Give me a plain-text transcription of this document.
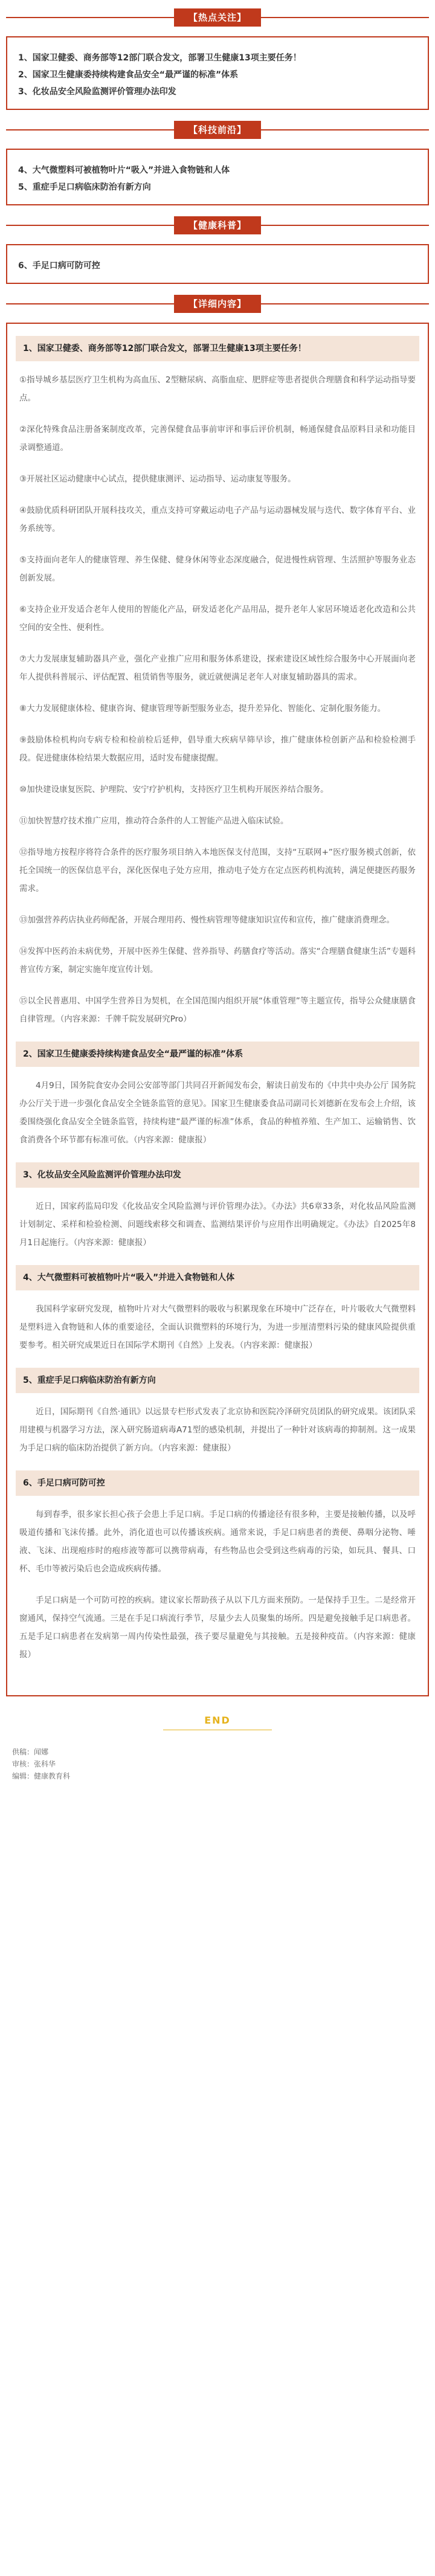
【热点关注】
1、国家卫健委、商务部等12部门联合发文，部署卫生健康13项主要任务！
2、国家卫生健康委持续构建食品安全“最严谨的标准”体系
3、化妆品安全风险监测评价管理办法印发
【科技前沿】
4、大气微塑料可被植物叶片“吸入”并进入食物链和人体
5、重症手足口病临床防治有新方向
【健康科普】
6、手足口病可防可控
【详细内容】
1、国家卫健委、商务部等12部门联合发文，部署卫生健康13项主要任务！

①指导城乡基层医疗卫生机构为高血压、2型糖尿病、高脂血症、肥胖症等患者提供合理膳食和科学运动指导要点。

②深化特殊食品注册备案制度改革，完善保健食品事前审评和事后评价机制，畅通保健食品原料目录和功能目录调整通道。

③开展社区运动健康中心试点，提供健康测评、运动指导、运动康复等服务。

④鼓励优质科研团队开展科技攻关，重点支持可穿戴运动电子产品与运动器械发展与迭代、数字体育平台、业务系统等。

⑤支持面向老年人的健康管理、养生保健、健身休闲等业态深度融合，促进慢性病管理、生活照护等服务业态创新发展。

⑥支持企业开发适合老年人使用的智能化产品，研发适老化产品用品，提升老年人家居环境适老化改造和公共空间的安全性、便利性。

⑦大力发展康复辅助器具产业，强化产业推广应用和服务体系建设，探索建设区域性综合服务中心开展面向老年人提供科普展示、评估配置、租赁销售等服务，就近就便满足老年人对康复辅助器具的需求。

⑧大力发展健康体检、健康咨询、健康管理等新型服务业态，提升差异化、智能化、定制化服务能力。

⑨鼓励体检机构向专病专检和检前检后延伸，倡导重大疾病早筛早诊，推广健康体检创新产品和检验检测手段。促进健康体检结果大数据应用，适时发布健康提醒。

⑩加快建设康复医院、护理院、安宁疗护机构，支持医疗卫生机构开展医养结合服务。

⑪加快智慧疗技术推广应用，推动符合条件的人工智能产品进入临床试验。

⑫指导地方按程序将符合条件的医疗服务项目纳入本地医保支付范围，支持“互联网+”医疗服务模式创新，依托全国统一的医保信息平台，深化医保电子处方应用，推动电子处方在定点医药机构流转，满足便捷医药服务需求。

⑬加强营养药店执业药师配备，开展合理用药、慢性病管理等健康知识宣传和宣传，推广健康消费理念。

⑭发挥中医药治未病优势，开展中医养生保健、营养指导、药膳食疗等活动。落实“合理膳食健康生活”专题科普宣传方案，制定实施年度宣传计划。

⑮以全民普惠用、中国学生营养日为契机，在全国范围内组织开展“体重管理”等主题宣传，指导公众健康膳食自律管理。（内容来源：千牌千院发展研究Pro）

2、国家卫生健康委持续构建食品安全“最严谨的标准”体系

4月9日，国务院食安办会同公安部等部门共同召开新闻发布会，解读日前发布的《中共中央办公厅 国务院办公厅关于进一步强化食品安全全链条监管的意见》。国家卫生健康委食品司副司长刘德新在发布会上介绍，该委围绕强化食品安全全链条监管，持续构建“最严谨的标准”体系，食品的种植养殖、生产加工、运输销售、饮食消费各个环节都有标准可依。（内容来源：健康报）

3、化妆品安全风险监测评价管理办法印发

近日，国家药监局印发《化妆品安全风险监测与评价管理办法》。《办法》共6章33条，对化妆品风险监测计划制定、采样和检验检测、问题线索移交和调查、监测结果评价与应用作出明确规定。《办法》自2025年8月1日起施行。（内容来源：健康报）

4、大气微塑料可被植物叶片“吸入”并进入食物链和人体

我国科学家研究发现，植物叶片对大气微塑料的吸收与积累现象在环境中广泛存在，叶片吸收大气微塑料是塑料进入食物链和人体的重要途径，全面认识微塑料的环境行为，为进一步厘清塑料污染的健康风险提供重要参考。相关研究成果近日在国际学术期刊《自然》上发表。（内容来源：健康报）

5、重症手足口病临床防治有新方向

近日，国际期刊《自然·通讯》以远景专栏形式发表了北京协和医院冷泽研究员团队的研究成果。该团队采用建模与机器学习方法，深入研究肠道病毒A71型的感染机制，并提出了一种针对该病毒的抑制剂。这一成果为手足口病的临床防治提供了新方向。（内容来源：健康报）

6、手足口病可防可控

每到春季，很多家长担心孩子会患上手足口病。手足口病的传播途径有很多种，主要是接触传播，以及呼吸道传播和飞沫传播。此外，消化道也可以传播该疾病。通常来说，手足口病患者的粪便、鼻咽分泌物、唾液、飞沫、出现疱疹时的疱疹液等都可以携带病毒，有些物品也会受到这些病毒的污染，如玩具、餐具、口杯、毛巾等被污染后也会造成疾病传播。

手足口病是一个可防可控的疾病。建议家长帮助孩子从以下几方面来预防。一是保持手卫生。二是经常开窗通风，保持空气流通。三是在手足口病流行季节，尽量少去人员聚集的场所。四是避免接触手足口病患者。五是手足口病患者在发病第一周内传染性最强，孩子要尽量避免与其接触。五是接种疫苗。（内容来源：健康报）

END
供稿：闻娜
审核：张科华
编辑：健康教育科
